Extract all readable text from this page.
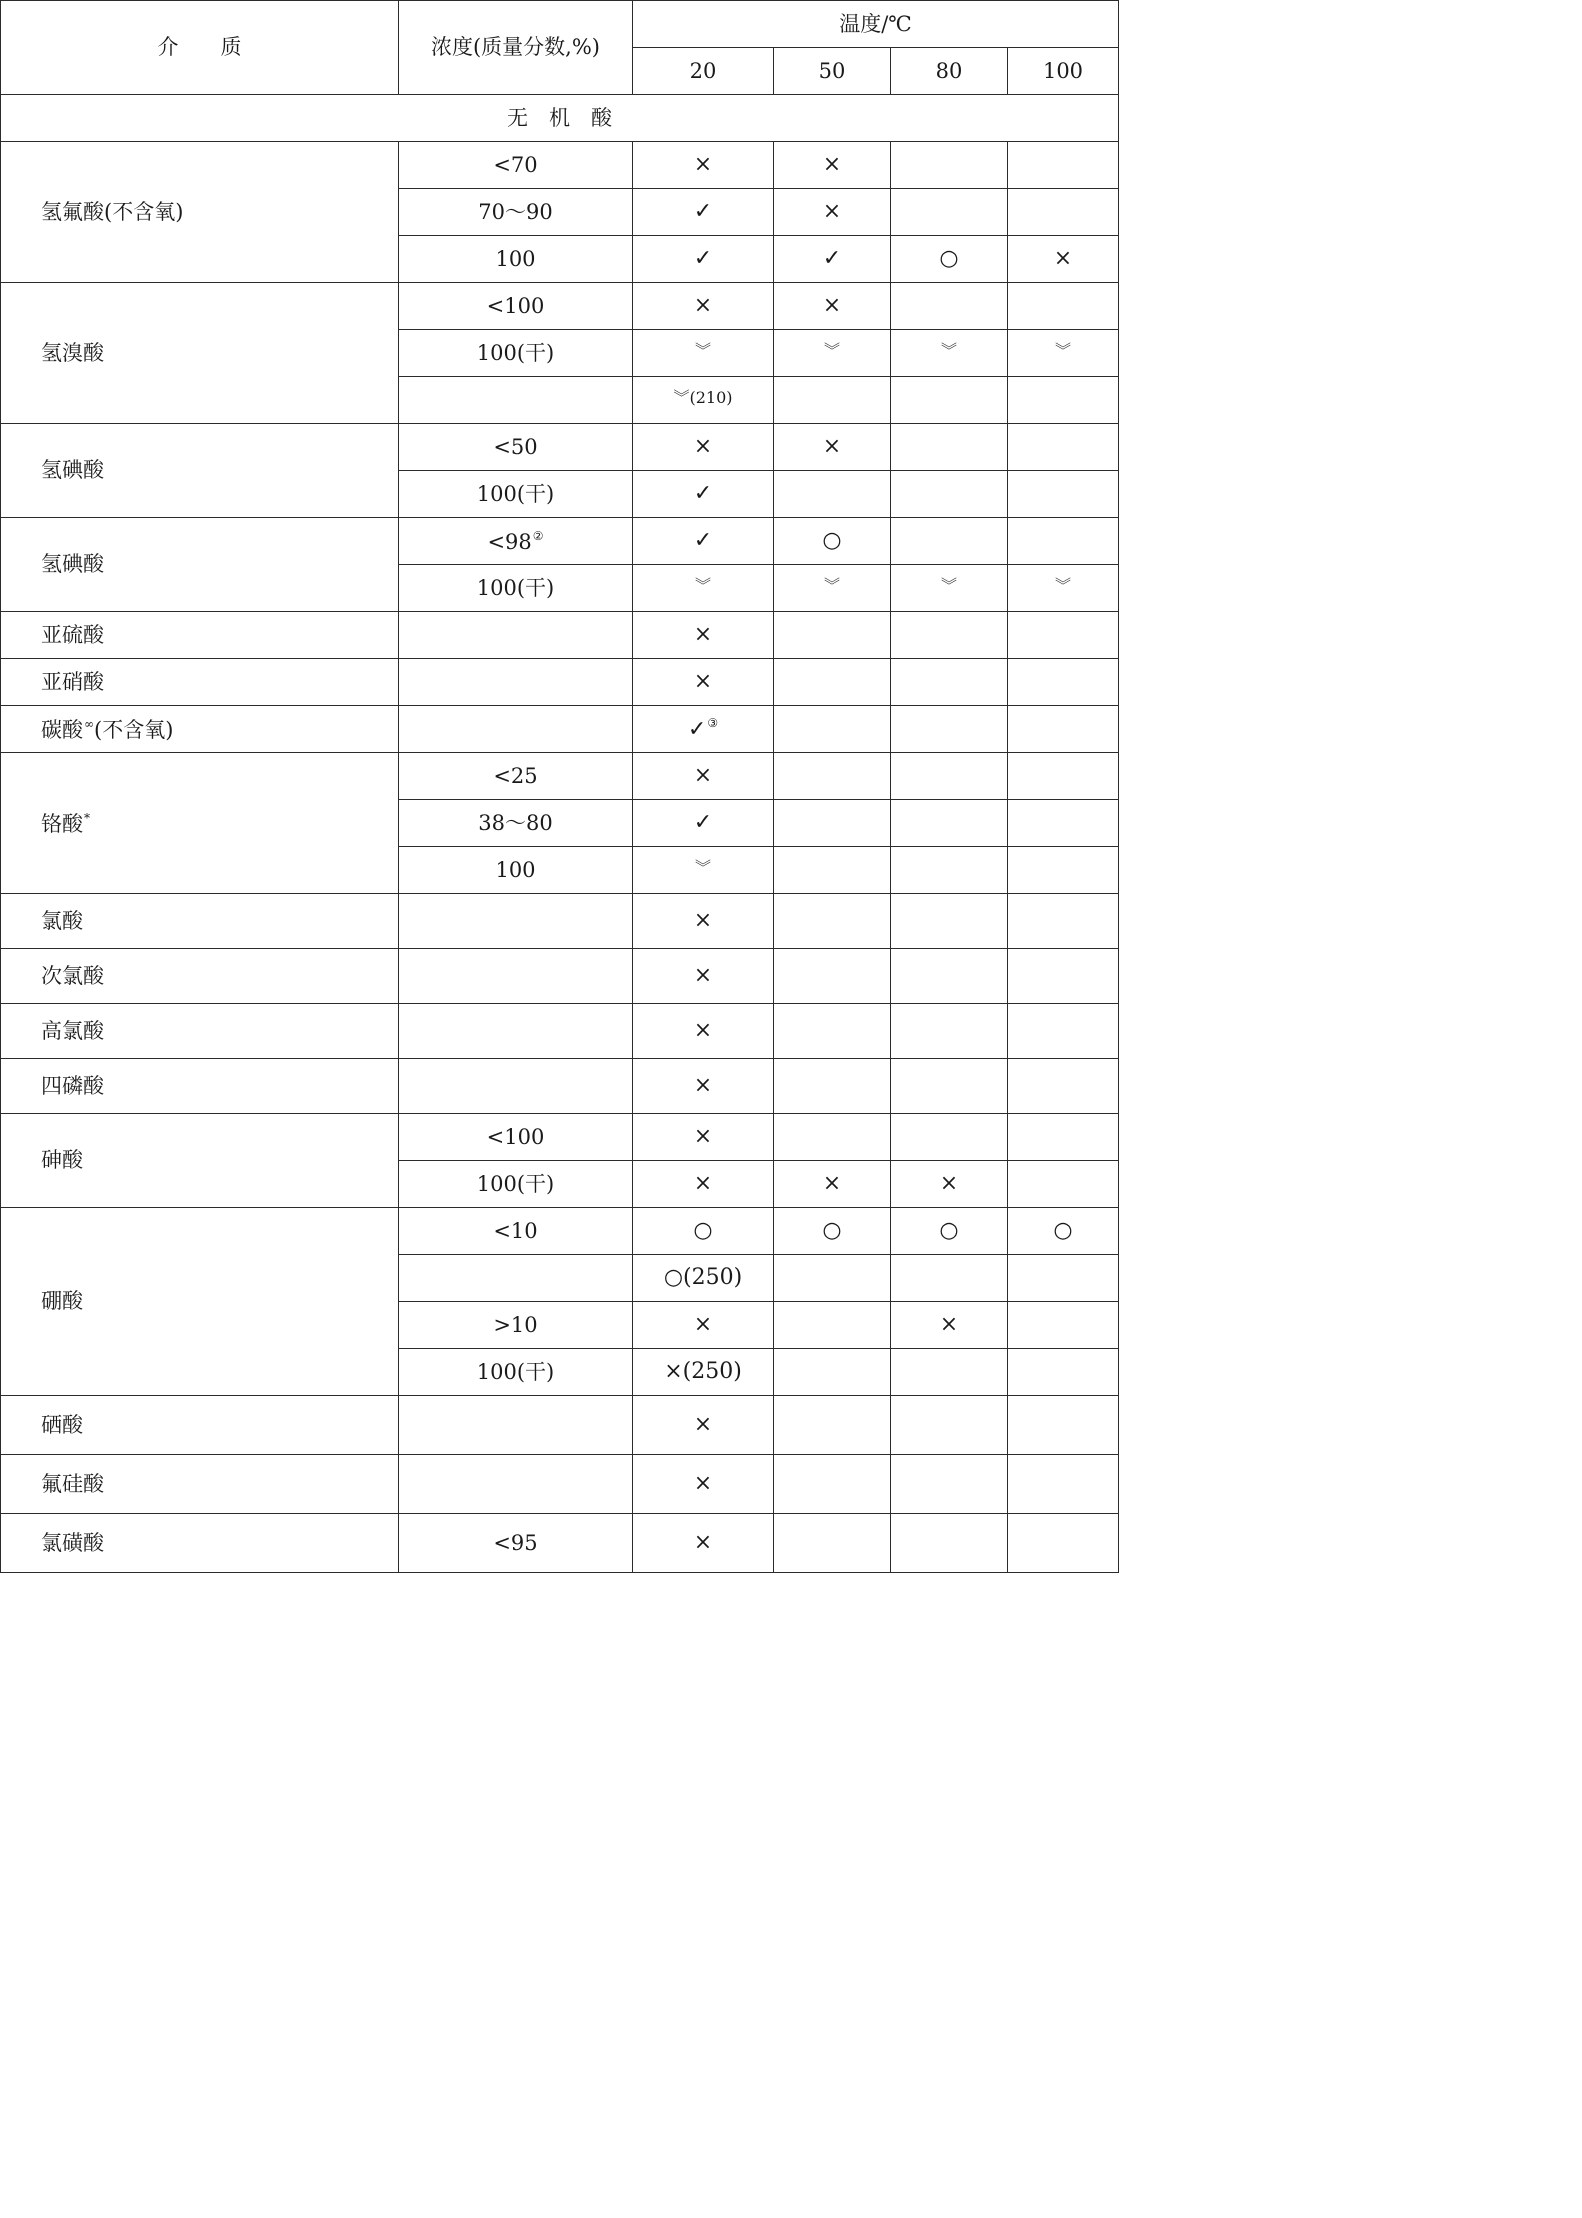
介　　质	浓度(质量分数,%)	温度/℃			
		20	50	80	100
无　机　酸					
氢氟酸(不含氧)	<70	×	×		
	70～90	✓	×		
	100	✓	✓	○	×
氢溴酸	<100	×	×		
	100(干)	︾	︾	︾	︾
		︾(210)			
氢碘酸	<50	×	×		
	100(干)	✓			
氢碘酸	<98②	✓	○		
	100(干)	︾	︾	︾	︾
亚硫酸		×			
亚硝酸		×			
碳酸∞(不含氧)		✓③			
铬酸*	<25	×			
	38～80	✓			
	100	︾			
氯酸		×			
次氯酸		×			
高氯酸		×			
四磷酸		×			
砷酸	<100	×			
	100(干)	×	×	×	
硼酸	<10	○	○	○	○
		○(250)			
	>10	×		×	
	100(干)	×(250)			
硒酸		×			
氟硅酸		×			
氯磺酸	<95	×			
